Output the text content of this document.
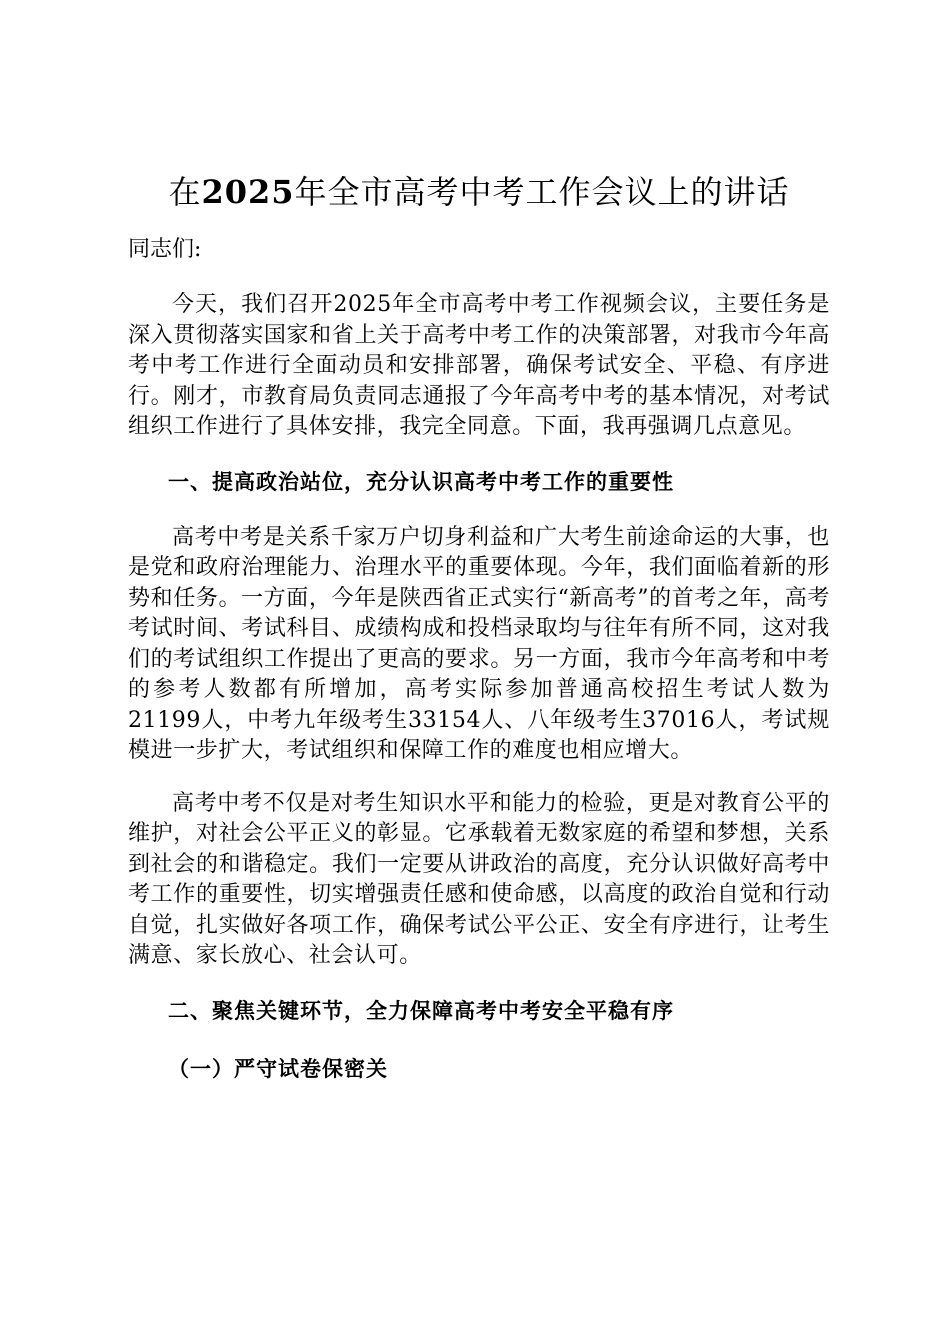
在2025年全市高考中考工作会议上的讲话

同志们:

今天，我们召开2025年全市高考中考工作视频会议，主要任务是深入贯彻落实国家和省上关于高考中考工作的决策部署，对我市今年高考中考工作进行全面动员和安排部署，确保考试安全、平稳、有序进行。刚才，市教育局负责同志通报了今年高考中考的基本情况，对考试组织工作进行了具体安排，我完全同意。下面，我再强调几点意见。

一、提高政治站位，充分认识高考中考工作的重要性

高考中考是关系千家万户切身利益和广大考生前途命运的大事，也是党和政府治理能力、治理水平的重要体现。今年，我们面临着新的形势和任务。一方面，今年是陕西省正式实行“新高考”的首考之年，高考考试时间、考试科目、成绩构成和投档录取均与往年有所不同，这对我们的考试组织工作提出了更高的要求。另一方面，我市今年高考和中考的参考人数都有所增加，高考实际参加普通高校招生考试人数为21199人，中考九年级考生33154人、八年级考生37016人，考试规模进一步扩大，考试组织和保障工作的难度也相应增大。

高考中考不仅是对考生知识水平和能力的检验，更是对教育公平的维护，对社会公平正义的彰显。它承载着无数家庭的希望和梦想，关系到社会的和谐稳定。我们一定要从讲政治的高度，充分认识做好高考中考工作的重要性，切实增强责任感和使命感，以高度的政治自觉和行动自觉，扎实做好各项工作，确保考试公平公正、安全有序进行，让考生满意、家长放心、社会认可。

二、聚焦关键环节，全力保障高考中考安全平稳有序
（一）严守试卷保密关
